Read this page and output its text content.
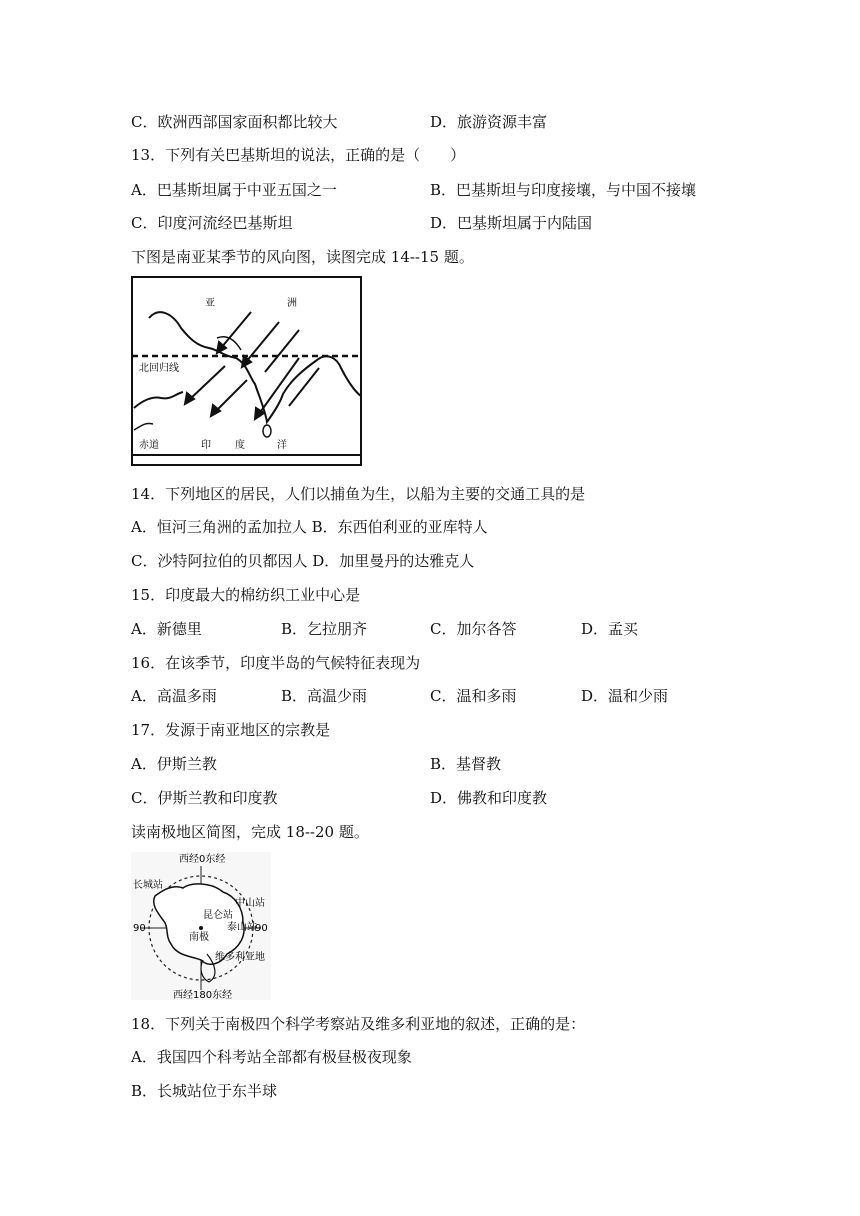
C．欧洲西部国家面积都比较大	D．旅游资源丰富
13．下列有关巴基斯坦的说法，正确的是（　　）
A．巴基斯坦属于中亚五国之一	B．巴基斯坦与印度接壤，与中国不接壤
C．印度河流经巴基斯坦	D．巴基斯坦属于内陆国
下图是南亚某季节的风向图，读图完成 14--15 题。
亚	洲
北回归线
赤道	印 度	洋
14．下列地区的居民，人们以捕鱼为生，以船为主要的交通工具的是
A．恒河三角洲的孟加拉人 B．东西伯利亚的亚库特人
C．沙特阿拉伯的贝都因人 D．加里曼丹的达雅克人
15．印度最大的棉纺织工业中心是
A．新德里	B．乞拉朋齐	C．加尔各答	D．孟买
16．在该季节，印度半岛的气候特征表现为
A．高温多雨	B．高温少雨	C．温和多雨	D．温和少雨
17．发源于南亚地区的宗教是
A．伊斯兰教	B．基督教
C．伊斯兰教和印度教	D．佛教和印度教
读南极地区简图，完成 18--20 题。
西经0东经
西经180东经
90	90
长城站
中山站
昆仑站
泰山站
南极
维多利亚地
18．下列关于南极四个科学考察站及维多利亚地的叙述，正确的是：
A．我国四个科考站全部都有极昼极夜现象
B．长城站位于东半球
